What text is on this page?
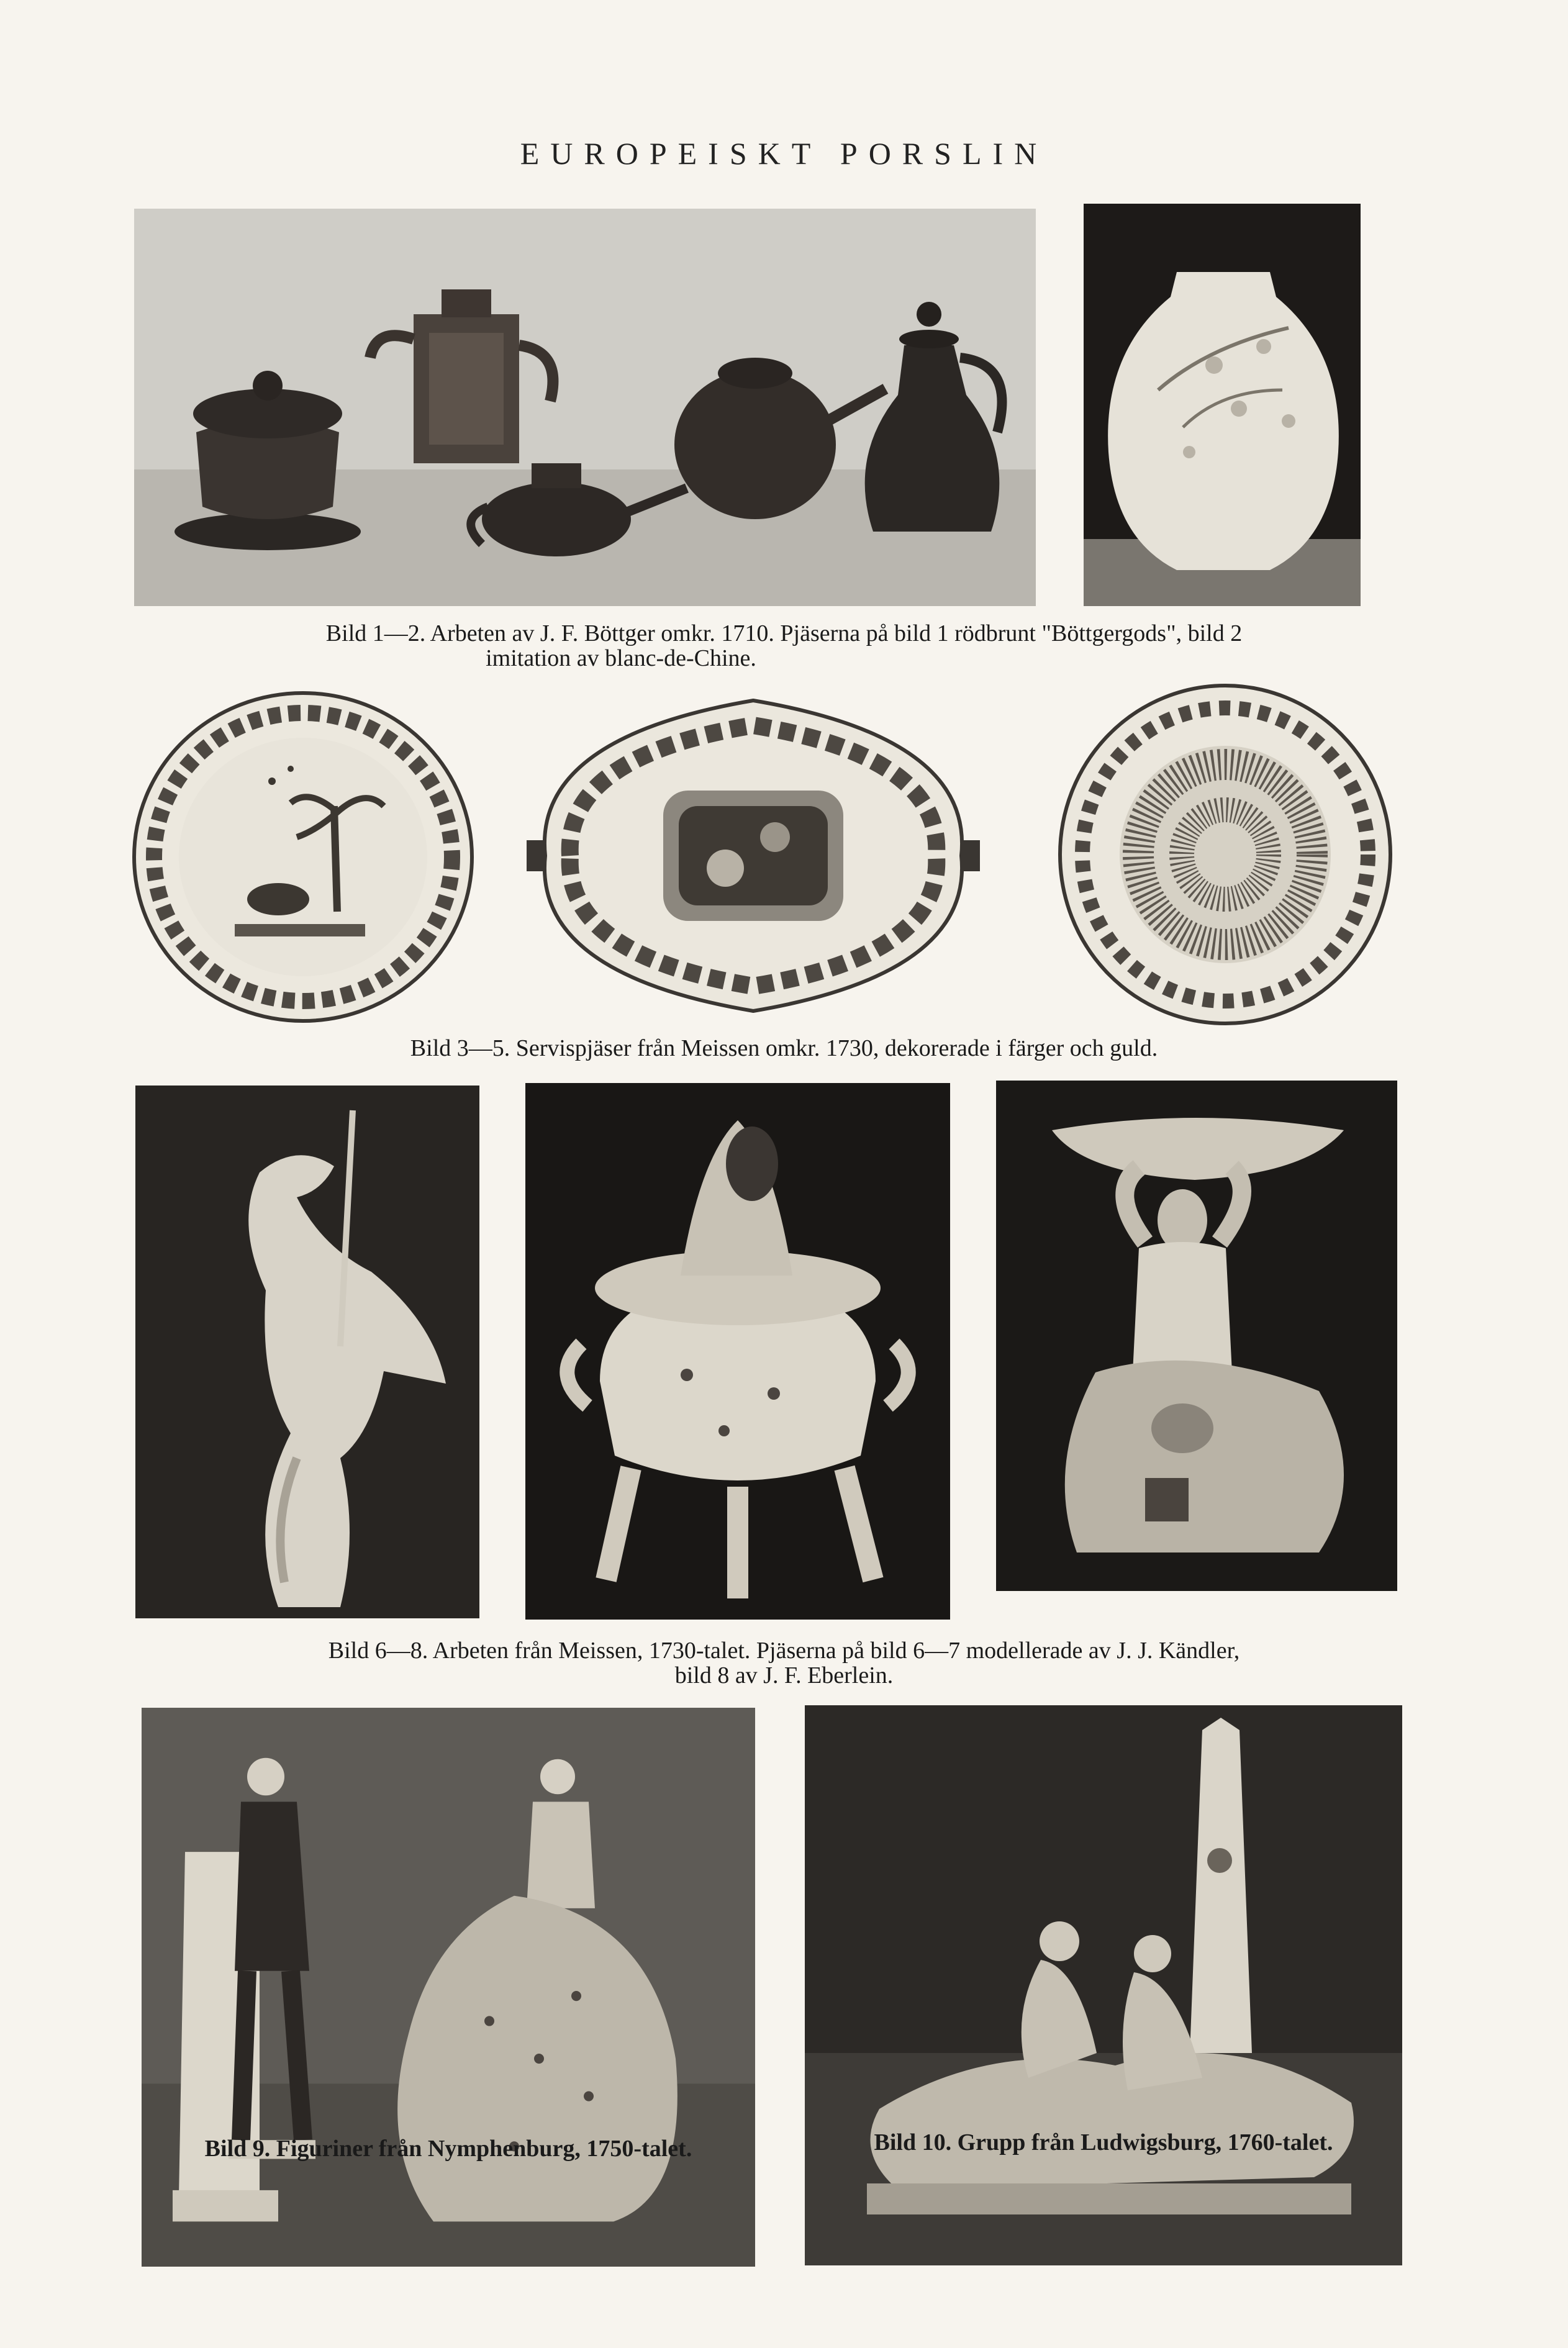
EUROPEISKT PORSLIN
Bild 1—2. Arbeten av J. F. Böttger omkr. 1710. Pjäserna på bild 1 rödbrunt "Böttgergods", bild 2
imitation av blanc-de-Chine.
Bild 3—5. Servispjäser från Meissen omkr. 1730, dekorerade i färger och guld.
Bild 6—8. Arbeten från Meissen, 1730-talet. Pjäserna på bild 6—7 modellerade av J. J. Kändler,
bild 8 av J. F. Eberlein.
Bild 9. Figuriner från Nymphenburg, 1750-talet.	Bild 10. Grupp från Ludwigsburg, 1760-talet.
